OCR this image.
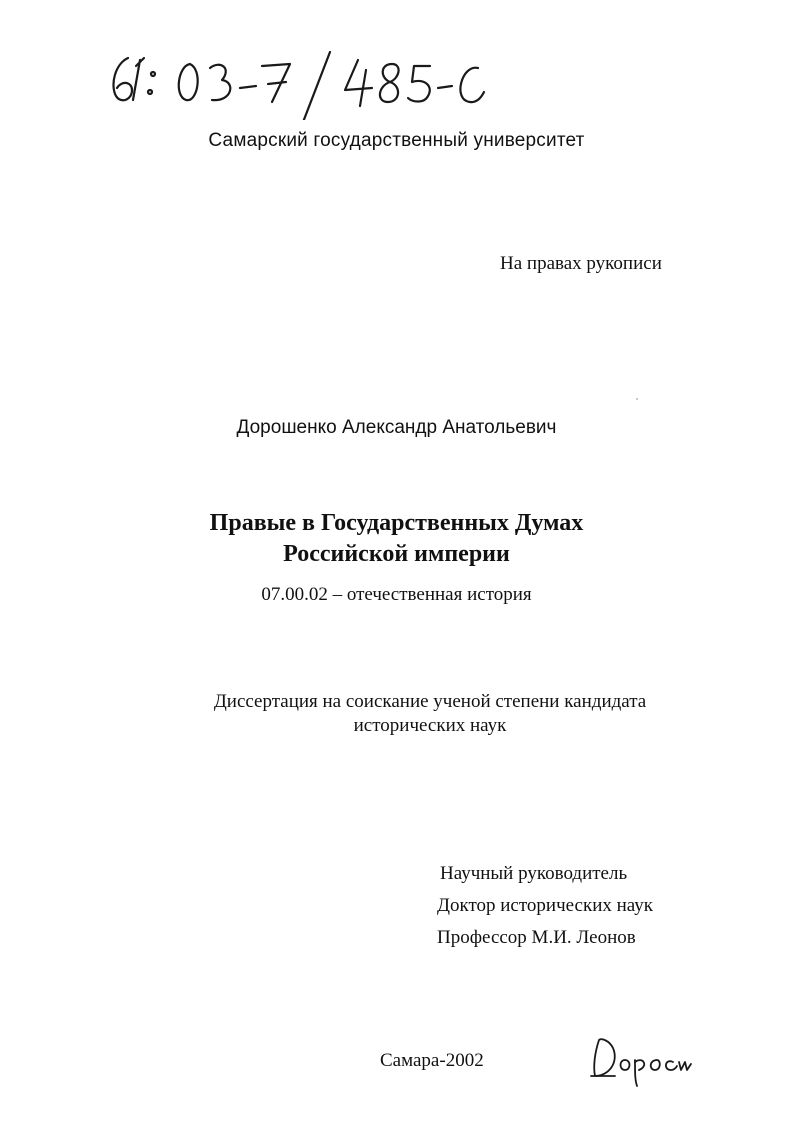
Самарский государственный университет
На правах рукописи
Дорошенко Александр Анатольевич
Правые в Государственных Думах
Российской империи
07.00.02 – отечественная история
Диссертация на соискание ученой степени кандидата
исторических наук
Научный руководитель
Доктор исторических наук
Профессор М.И. Леонов
Самара-2002
